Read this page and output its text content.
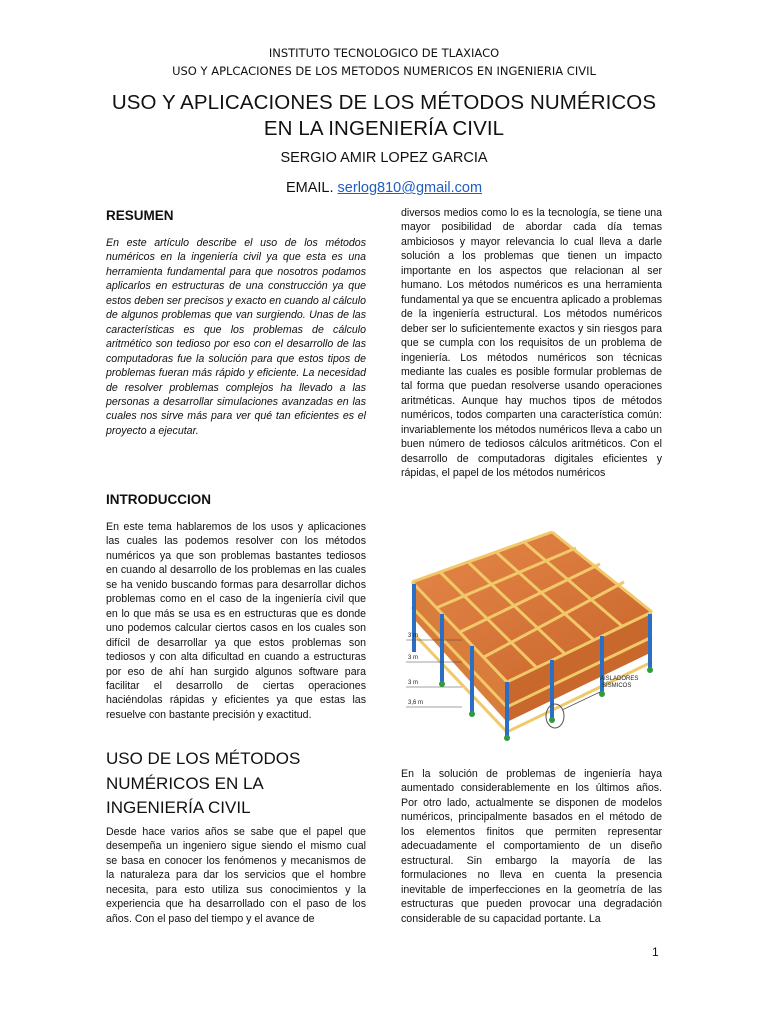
INSTITUTO TECNOLOGICO DE TLAXIACO
USO Y APLCACIONES DE LOS METODOS NUMERICOS EN INGENIERIA CIVIL
USO Y APLICACIONES DE LOS MÉTODOS NUMÉRICOS
EN LA INGENIERÍA CIVIL
SERGIO AMIR LOPEZ GARCIA
EMAIL. serlog810@gmail.com
RESUMEN
En este artículo describe el uso de los métodos numéricos en la ingeniería civil ya que esta es una herramienta fundamental para que nosotros podamos aplicarlos en estructuras de una construcción ya que estos deben ser precisos y exacto en cuando al cálculo de algunos problemas que van surgiendo. Unas de las características es que los problemas de cálculo aritmético son tedioso por eso con el desarrollo de las computadoras fue la solución para que estos tipos de problemas fueran más rápido y eficiente. La necesidad de resolver problemas complejos ha llevado a las personas a desarrollar simulaciones avanzadas en las cuales nos sirve más para ver qué tan eficientes es el proyecto a ejecutar.
INTRODUCCION
En este tema hablaremos de los usos y aplicaciones las cuales las podemos resolver con los métodos numéricos ya que son problemas bastantes tediosos en cuando al desarrollo de los problemas en las cuales se ha venido buscando formas para desarrollar dichos problemas como en el caso de la ingeniería civil que en lo que más se usa es en estructuras que es donde uno podemos calcular ciertos casos en los cuales son difícil de desarrollar ya que estos problemas son tediosos y con alta dificultad en cuando a estructuras por eso de ahí han surgido algunos software para facilitar el desarrollo de ciertas operaciones haciéndolas rápidas y eficientes ya que estas las resuelve con bastante precisión y exactitud.
USO DE LOS MÉTODOS
NUMÉRICOS EN LA
INGENIERÍA CIVIL
Desde hace varios años se sabe que el papel que desempeña un ingeniero sigue siendo el mismo cual se basa en conocer los fenómenos y mecanismos de la naturaleza para dar los servicios que el hombre necesita, para esto utiliza sus conocimientos y la experiencia que ha desarrollado con el paso de los años. Con el paso del tiempo y el avance de
diversos medios como lo es la tecnología, se tiene una mayor posibilidad de abordar cada día temas ambiciosos y mayor relevancia lo cual lleva a darle solución a los problemas que tienen un impacto importante en los aspectos que relacionan al ser humano. Los métodos numéricos es una herramienta fundamental ya que se encuentra aplicado a problemas de la ingeniería estructural. Los métodos numéricos deber ser lo suficientemente exactos y sin riesgos para que se cumpla con los requisitos de un problema de ingeniería. Los métodos numéricos son técnicas mediante las cuales es posible formular problemas de tal forma que puedan resolverse usando operaciones aritméticas. Aunque hay muchos tipos de métodos numéricos, todos comparten una característica común: invariablemente los métodos numéricos lleva a cabo un buen número de tediosos cálculos aritméticos. Con el desarrollo de computadoras digitales eficientes y rápidas, el papel de los métodos numéricos
AISLADORES
SÍSMICOS
3 m
3 m
3 m
3,6 m
En la solución de problemas de ingeniería haya aumentado considerablemente en los últimos años. Por otro lado, actualmente se disponen de modelos numéricos, principalmente basados en el método de los elementos finitos que permiten representar adecuadamente el comportamiento de un diseño estructural. Sin embargo la mayoría de las formulaciones no lleva en cuenta la presencia inevitable de imperfecciones en la geometría de las estructuras que pueden provocar una degradación considerable de su capacidad portante. La
1
